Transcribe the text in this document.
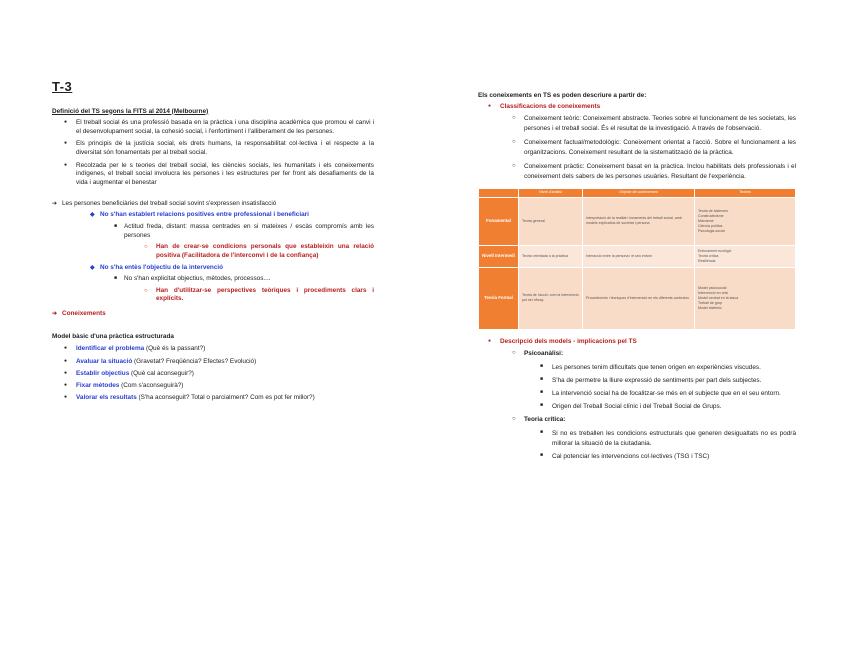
T-3
Definició del TS segons la FITS al 2014 (Melbourne)
● El treball social és una professió basada en la pràctica i una disciplina acadèmica que promou el canvi i el desenvolupament social, la cohesió social, i l'enfortiment i l'alliberament de les persones.
● Els principis de la justícia social, els drets humans, la responsabilitat col·lectiva i el respecte a la diversitat són fonamentals per al treball social.
● Recolzada per le s teories del treball social, les ciències socials, les humanitats i els coneixements indígenes, el treball social involucra les persones i les estructures per fer front als desafiaments de la vida i augmentar el benestar
➔ Les persones beneficiàries del treball social sovint s'expressen insatisfacció
◆ No s'han establert relacions positives entre professional i beneficiari
■ Actitud freda, distant: massa centrades en si mateixes / escàs compromís amb les persones
○ Han de crear-se condicions personals que estableixin una relació positiva (Facilitadora de l'interconvi i de la confiança)
◆ No s'ha entès l'objectiu de la intervenció
■ No s'han explicitat objectius, mètodes, processos....
○ Han d'utilitzar-se perspectives teòriques i procediments clars i explícits.
➔ Coneixements
Model bàsic d'una pràctica estructurada
● Identificar el problema (Què és la passant?)
● Avaluar la situació (Gravetat? Freqüència? Efectes? Evolució)
● Establir objectius (Què cal aconseguir?)
● Fixar mètodes (Com s'aconseguirà?)
● Valorar els resultats (S'ha aconseguit? Total o parcialment? Com es pot fer millor?)
Els coneixements en TS es poden descriure a partir de:
● Classificacions de coneixements
○ Coneixement teòric: Coneixement abstracte. Teories sobre el funcionament de les societats, les persones i el treball social. És el resultat de la investigació. A través de l'observació.
○ Coneixement factual/metodològic: Coneixement orientat a l'acció. Sobre el funcionament a les organitzacions. Coneixement resultant de la sistematització de la pràctica.
○ Coneixement pràctic: Coneixement basat en la pràctica. Inclou habilitats dels professionals i el coneixement dels sabers de les persones usuàries. Resultant de l'experiència.
	Nivell d'anàlisi	Objecte de coneixement	Teories
Fonamental	Teoria general	Interpretació de la realitat i fonaments del treball social, amb models explicatius de societat i persona	Teoria de sistemes
Constructivisme
Marxisme
Ciència política
Psicologia social
Nivell Intermedi	Teoria orientada a la pràctica	Interacció entre la persona i el seu entorn	Enfocament ecològic
Teoria crítica
Resiliència
Teoria Formal	Teoria de l'acció: com la intervenció pot ser eficaç	Procediments i tècniques d'intervenció en els diferents contextos	Model psicosocial
Intervenció en crisi
Model centrat en la tasca
Treball de grup
Model sistèmic
● Descripció dels models - implicacions pel TS
○ Psicoanàlisi:
■ Les persones tenim dificultats que tenen origen en experiències viscudes.
■ S'ha de permetre la lliure expressió de sentiments per part dels subjectes.
■ La intervenció social ha de focalitzar-se més en el subjecte que en el seu entorn.
■ Origen del Treball Social clínic i del Treball Social de Grups.
○ Teoria crítica:
■ Si no es treballen les condicions estructurals que generen desigualtats no es podrà millorar la situació de la ciutadania.
■ Cal potenciar les intervencions col·lectives (TSG i TSC)
